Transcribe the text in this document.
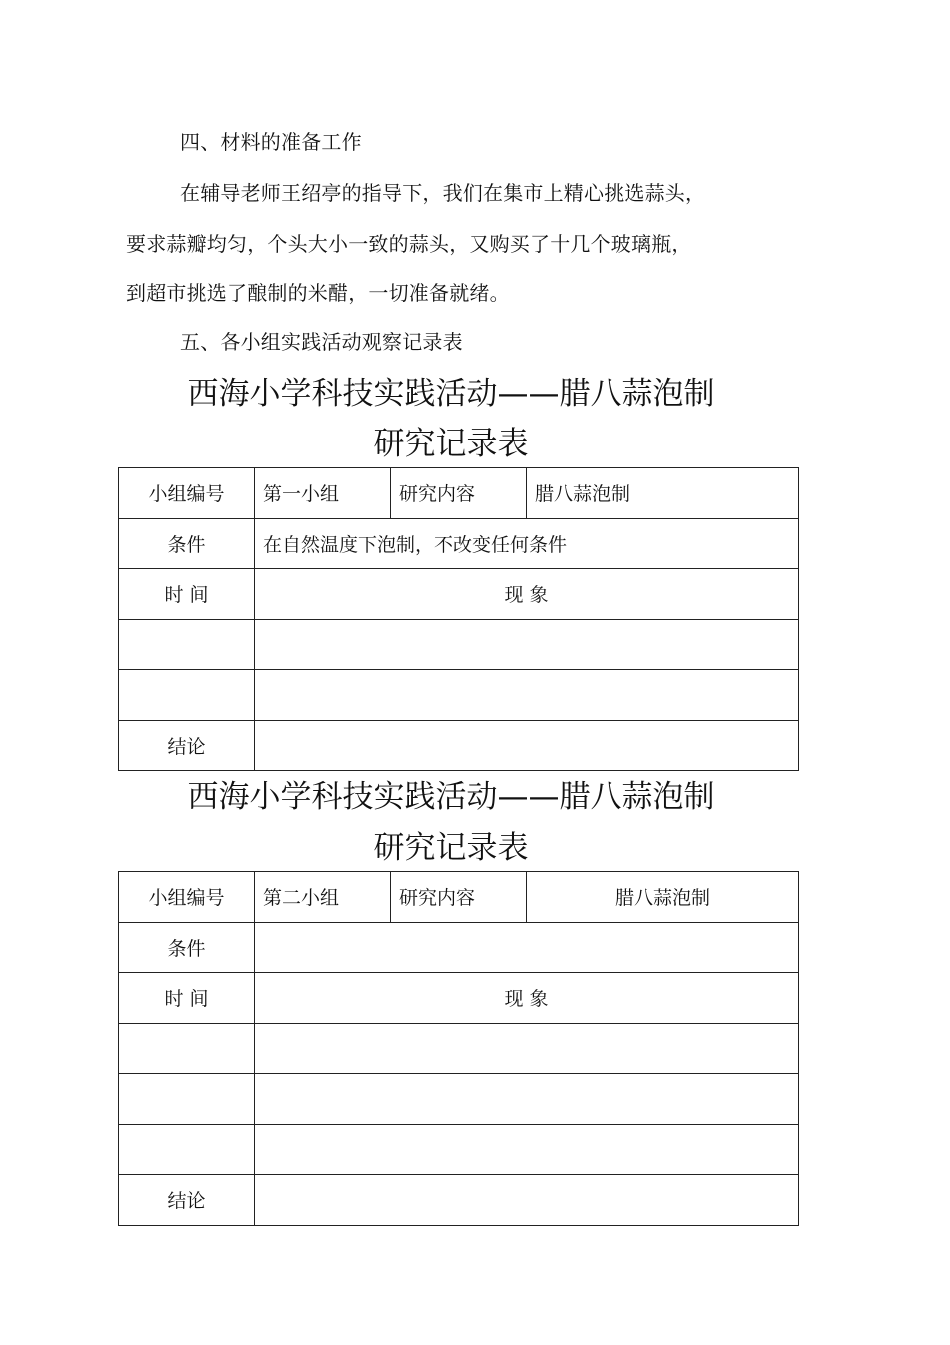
四、材料的准备工作

在辅导老师王绍亭的指导下，我们在集市上精心挑选蒜头，

要求蒜瓣均匀，个头大小一致的蒜头，又购买了十几个玻璃瓶，

到超市挑选了酿制的米醋，一切准备就绪。

五、各小组实践活动观察记录表

西海小学科技实践活动——腊八蒜泡制
研究记录表
小组编号	第一小组	研究内容	腊八蒜泡制
条件	在自然温度下泡制，不改变任何条件		
时 间	现 象		

结论			
西海小学科技实践活动——腊八蒜泡制
研究记录表
小组编号	第二小组	研究内容	腊八蒜泡制
条件			
时 间	现 象		

结论			
